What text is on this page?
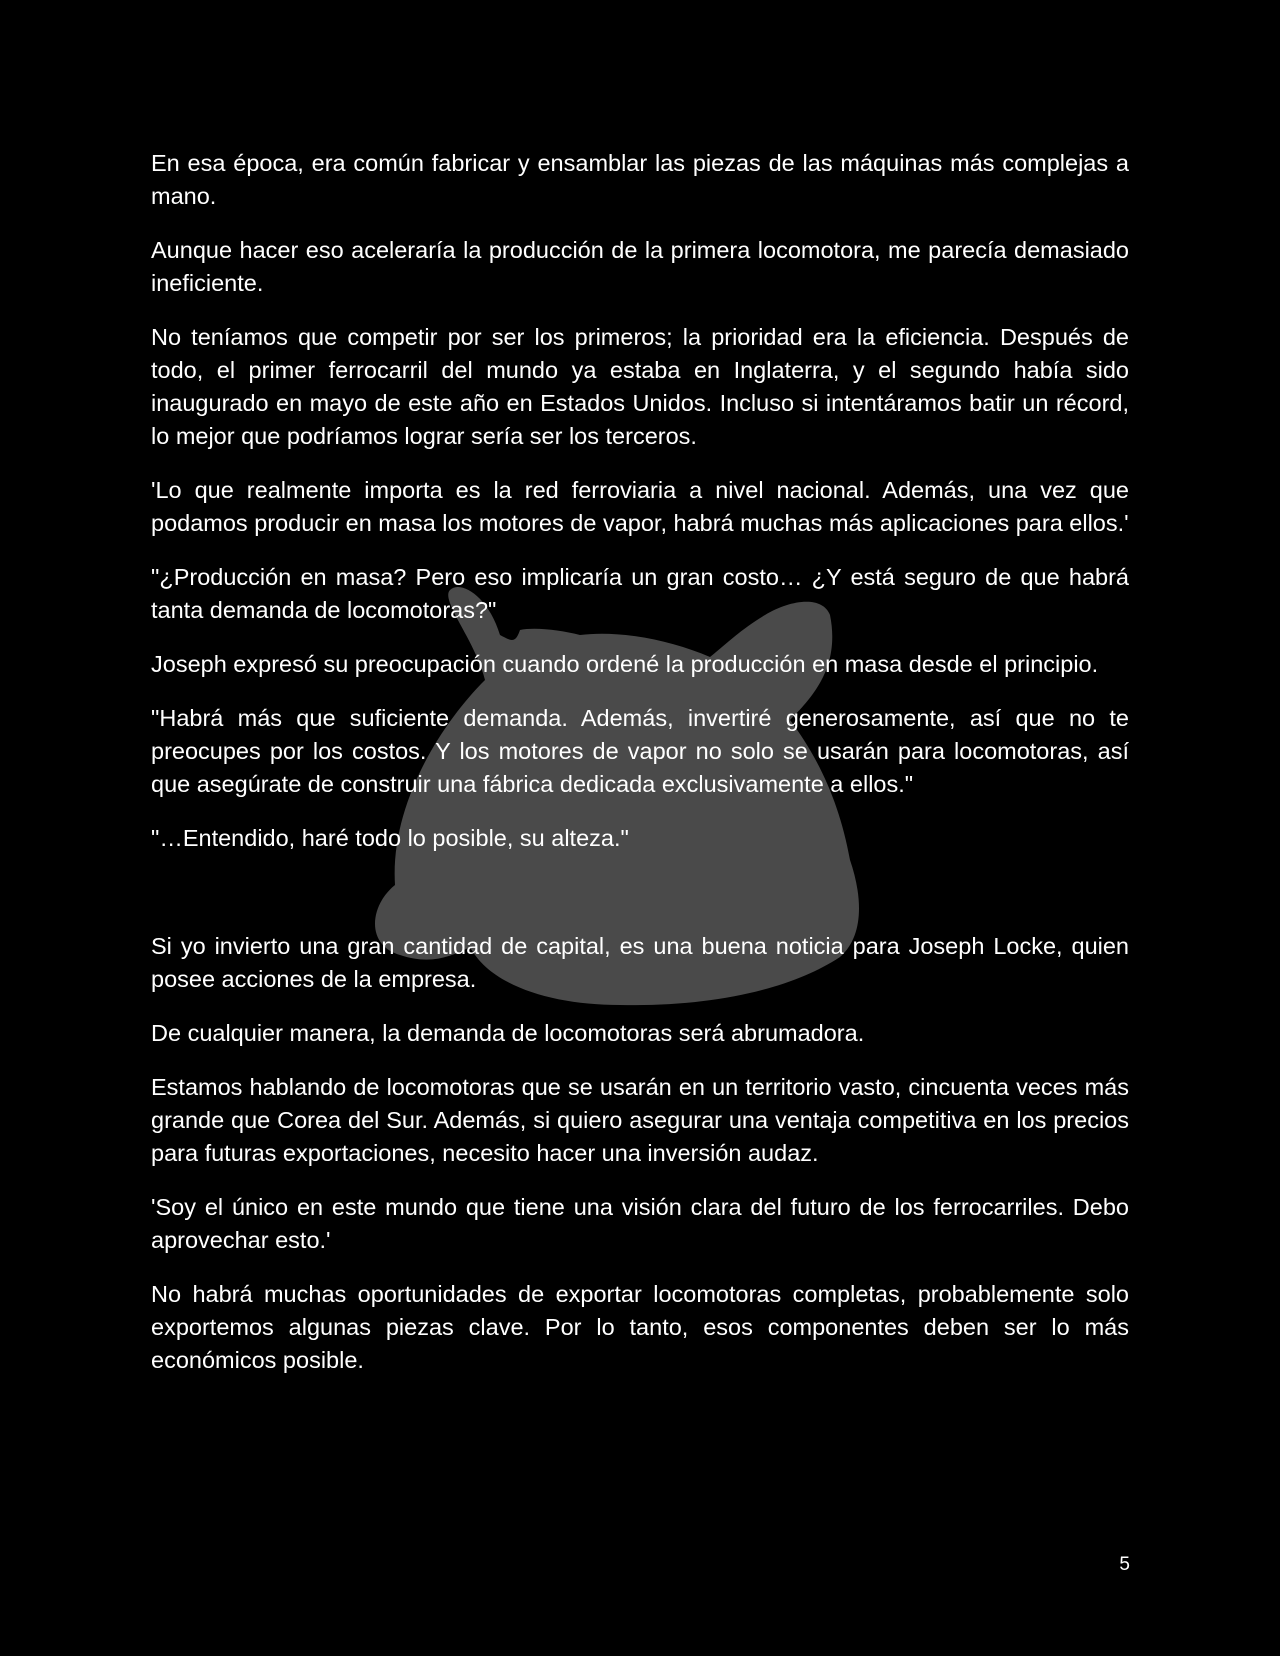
En esa época, era común fabricar y ensamblar las piezas de las máquinas más complejas a mano.

Aunque hacer eso aceleraría la producción de la primera locomotora, me parecía demasiado ineficiente.

No teníamos que competir por ser los primeros; la prioridad era la eficiencia. Después de todo, el primer ferrocarril del mundo ya estaba en Inglaterra, y el segundo había sido inaugurado en mayo de este año en Estados Unidos. Incluso si intentáramos batir un récord, lo mejor que podríamos lograr sería ser los terceros.

'Lo que realmente importa es la red ferroviaria a nivel nacional. Además, una vez que podamos producir en masa los motores de vapor, habrá muchas más aplicaciones para ellos.'

"¿Producción en masa? Pero eso implicaría un gran costo… ¿Y está seguro de que habrá tanta demanda de locomotoras?"

Joseph expresó su preocupación cuando ordené la producción en masa desde el principio.

"Habrá más que suficiente demanda. Además, invertiré generosamente, así que no te preocupes por los costos. Y los motores de vapor no solo se usarán para locomotoras, así que asegúrate de construir una fábrica dedicada exclusivamente a ellos."

"…Entendido, haré todo lo posible, su alteza."

Si yo invierto una gran cantidad de capital, es una buena noticia para Joseph Locke, quien posee acciones de la empresa.

De cualquier manera, la demanda de locomotoras será abrumadora.

Estamos hablando de locomotoras que se usarán en un territorio vasto, cincuenta veces más grande que Corea del Sur. Además, si quiero asegurar una ventaja competitiva en los precios para futuras exportaciones, necesito hacer una inversión audaz.

'Soy el único en este mundo que tiene una visión clara del futuro de los ferrocarriles. Debo aprovechar esto.'

No habrá muchas oportunidades de exportar locomotoras completas, probablemente solo exportemos algunas piezas clave. Por lo tanto, esos componentes deben ser lo más económicos posible.

5
